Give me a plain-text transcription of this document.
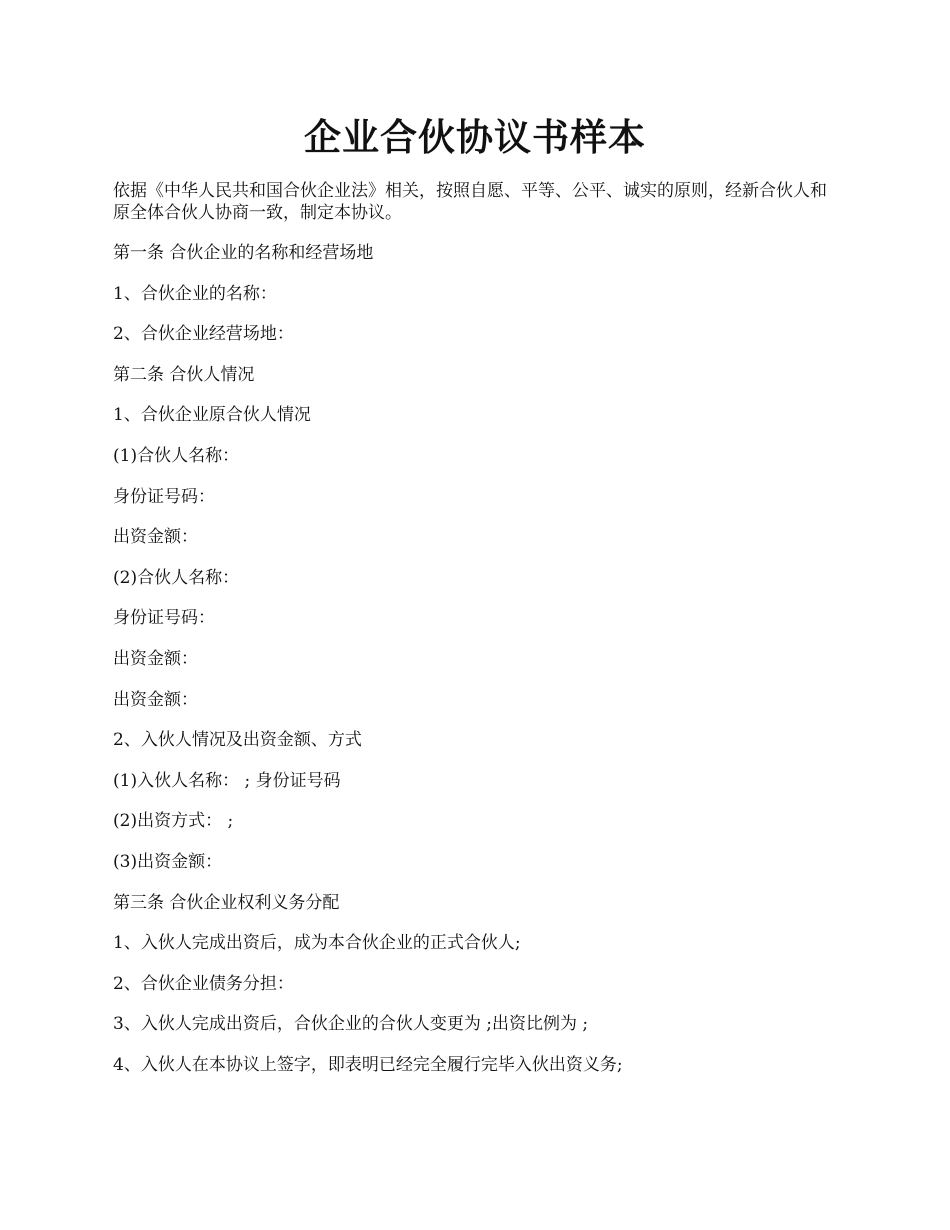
企业合伙协议书样本

依据《中华人民共和国合伙企业法》相关，按照自愿、平等、公平、诚实的原则，经新合伙人和原全体合伙人协商一致，制定本协议。

第一条 合伙企业的名称和经营场地

1、合伙企业的名称：

2、合伙企业经营场地：

第二条 合伙人情况

1、合伙企业原合伙人情况

(1)合伙人名称：

身份证号码：

出资金额：

(2)合伙人名称：

身份证号码：

出资金额：

出资金额：

2、入伙人情况及出资金额、方式

(1)入伙人名称： ; 身份证号码

(2)出资方式： ;

(3)出资金额：

第三条 合伙企业权利义务分配

1、入伙人完成出资后，成为本合伙企业的正式合伙人;

2、合伙企业债务分担：

3、入伙人完成出资后，合伙企业的合伙人变更为 ;出资比例为 ;

4、入伙人在本协议上签字，即表明已经完全履行完毕入伙出资义务;
